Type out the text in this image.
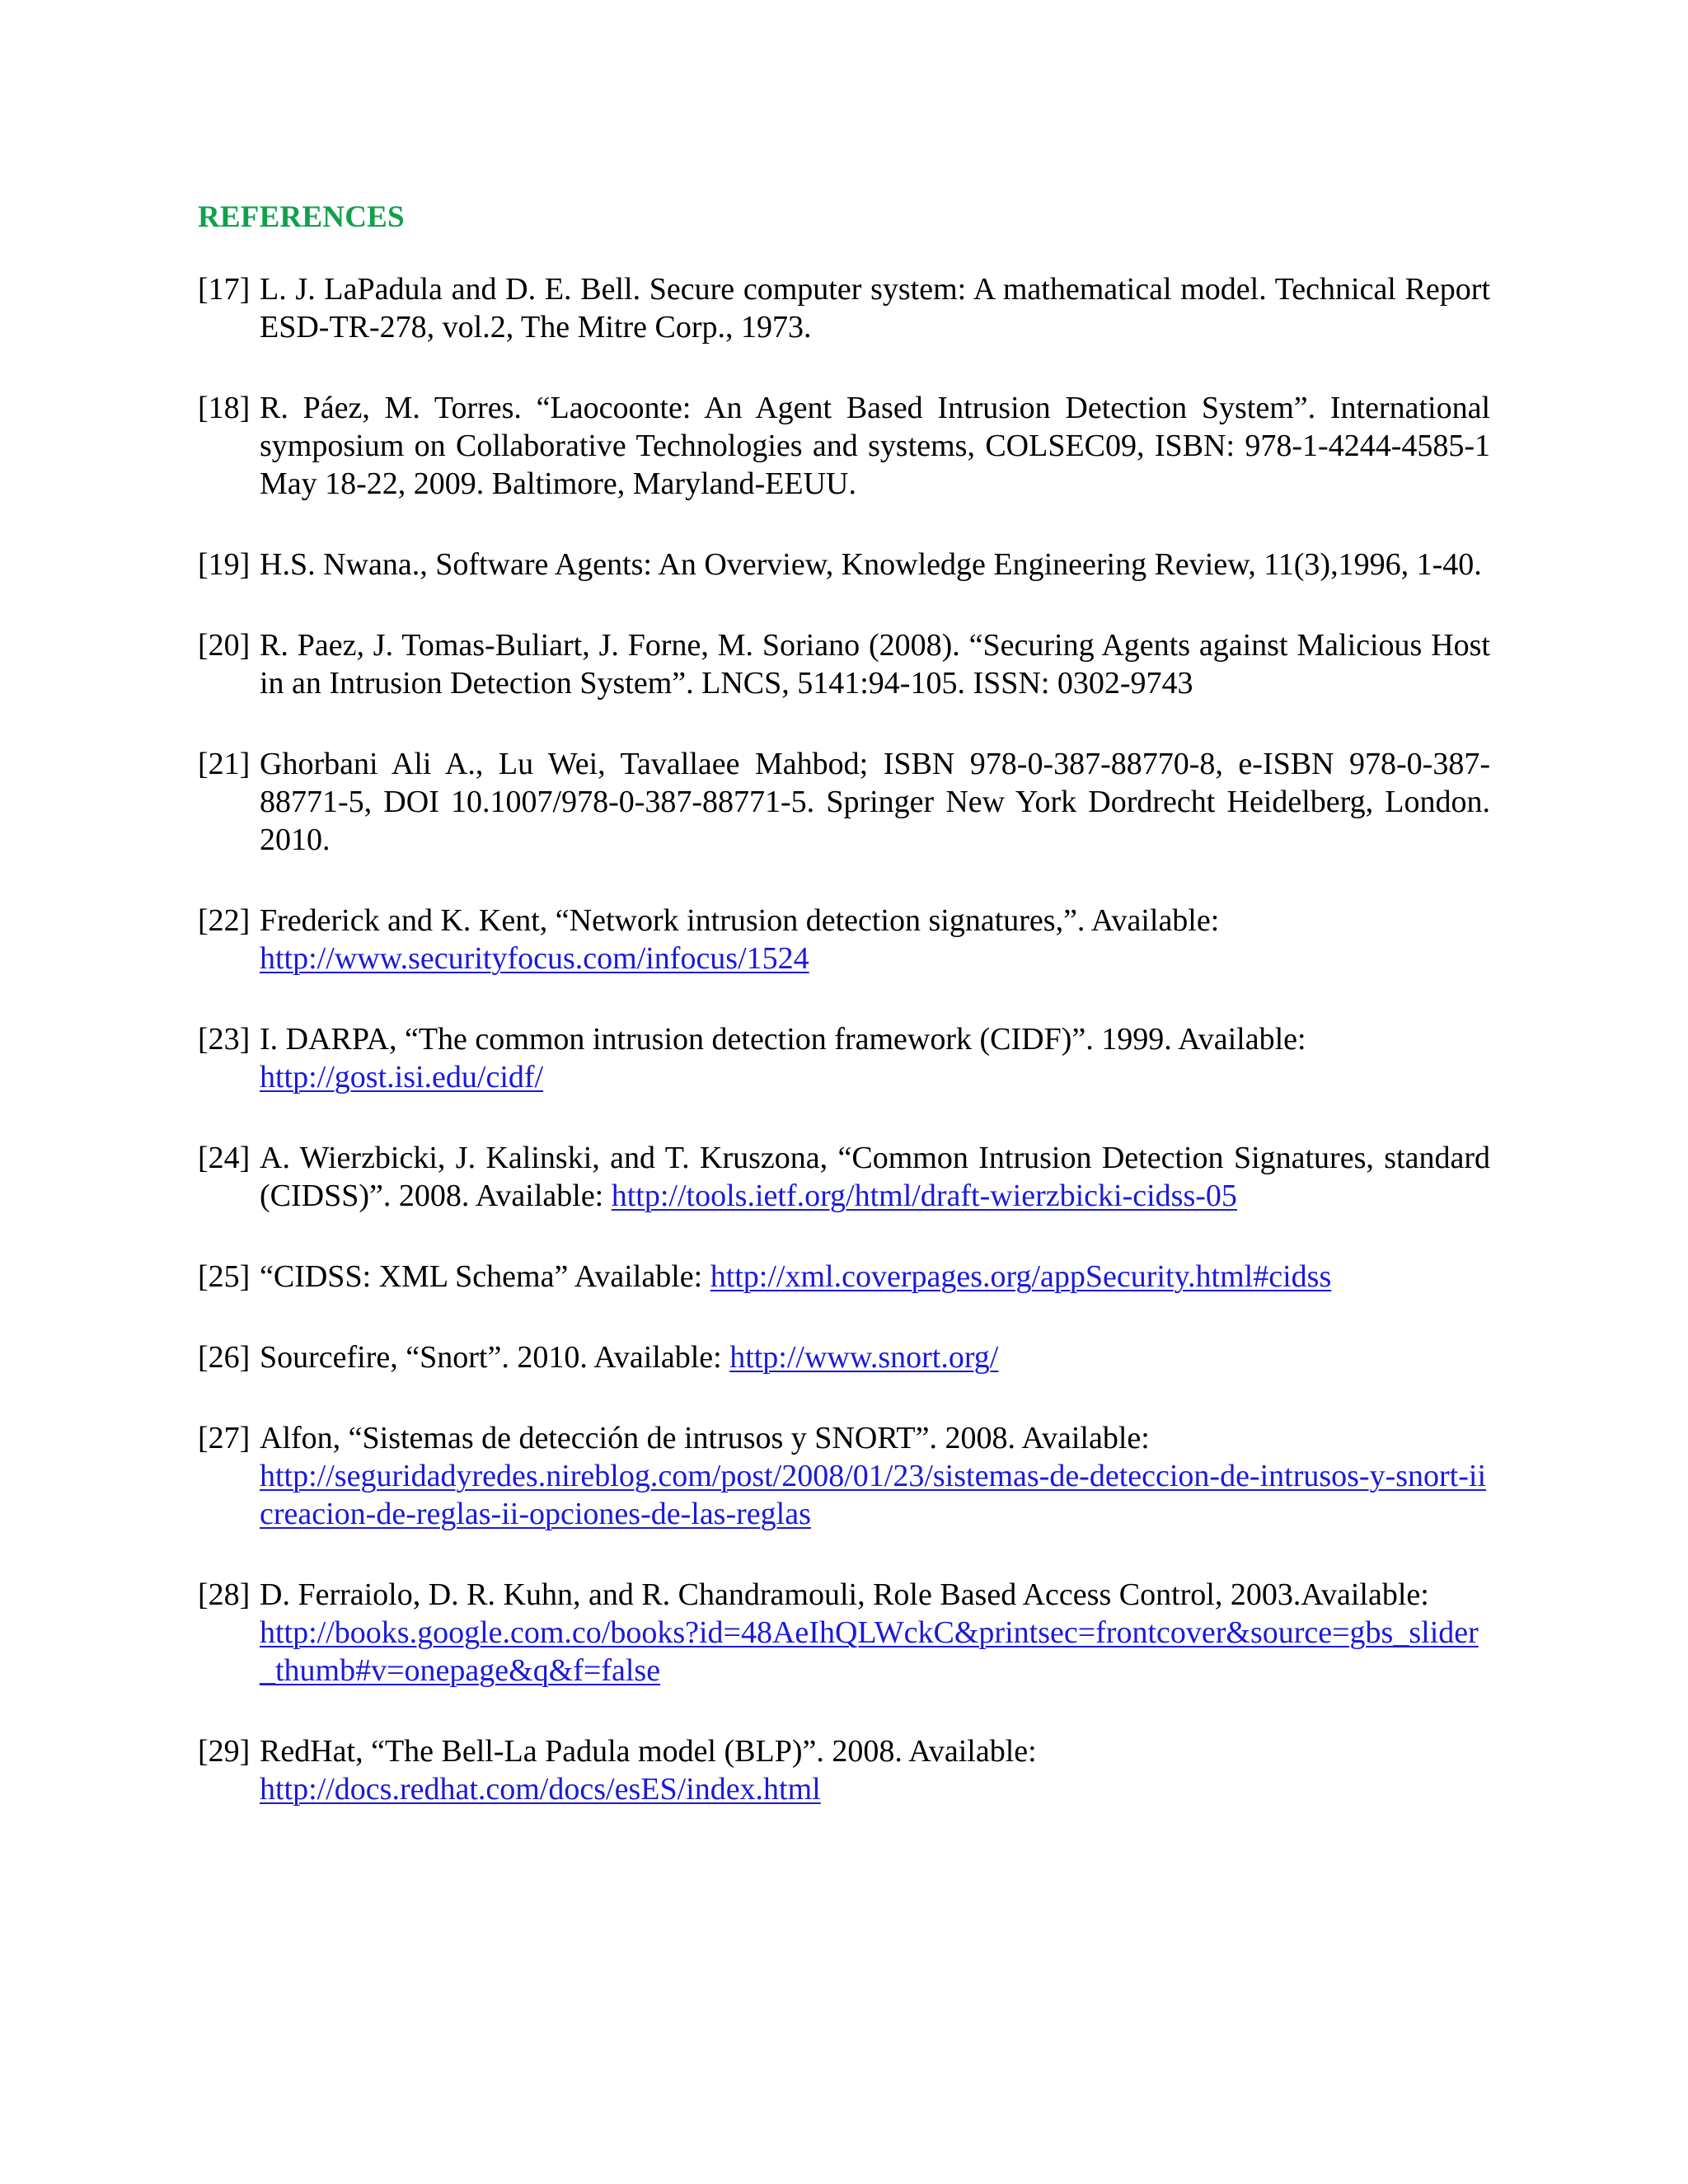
REFERENCES
[17] L. J. LaPadula and D. E. Bell. Secure computer system: A mathematical model. Technical Report ESD-TR-278, vol.2, The Mitre Corp., 1973.
[18] R. Páez, M. Torres. “Laocoonte: An Agent Based Intrusion Detection System”. International symposium on Collaborative Technologies and systems, COLSEC09, ISBN: 978-1-4244-4585-1 May 18-22, 2009. Baltimore, Maryland-EEUU.
[19] H.S. Nwana., Software Agents: An Overview, Knowledge Engineering Review, 11(3),1996, 1-40.
[20] R. Paez, J. Tomas-Buliart, J. Forne, M. Soriano (2008). “Securing Agents against Malicious Host in an Intrusion Detection System”. LNCS, 5141:94-105. ISSN: 0302-9743
[21] Ghorbani Ali A., Lu Wei, Tavallaee Mahbod; ISBN 978-0-387-88770-8, e-ISBN 978-0-387-88771-5, DOI 10.1007/978-0-387-88771-5. Springer New York Dordrecht Heidelberg, London. 2010.
[22] Frederick and K. Kent, “Network intrusion detection signatures,”. Available:
http://www.securityfocus.com/infocus/1524
[23] I. DARPA, “The common intrusion detection framework (CIDF)”. 1999. Available:
http://gost.isi.edu/cidf/
[24] A. Wierzbicki, J. Kalinski, and T. Kruszona, “Common Intrusion Detection Signatures, standard (CIDSS)”. 2008. Available: http://tools.ietf.org/html/draft-wierzbicki-cidss-05
[25] “CIDSS: XML Schema” Available: http://xml.coverpages.org/appSecurity.html#cidss
[26] Sourcefire, “Snort”. 2010. Available: http://www.snort.org/
[27] Alfon, “Sistemas de detección de intrusos y SNORT”. 2008. Available:
http://seguridadyredes.nireblog.com/post/2008/01/23/sistemas-de-deteccion-de-intrusos-y-snort-iicreacion-de-reglas-ii-opciones-de-las-reglas
[28] D. Ferraiolo, D. R. Kuhn, and R. Chandramouli, Role Based Access Control, 2003.Available:
http://books.google.com.co/books?id=48AeIhQLWckC&printsec=frontcover&source=gbs_slider_thumb#v=onepage&q&f=false
[29] RedHat, “The Bell-La Padula model (BLP)”. 2008. Available:
http://docs.redhat.com/docs/esES/index.html
